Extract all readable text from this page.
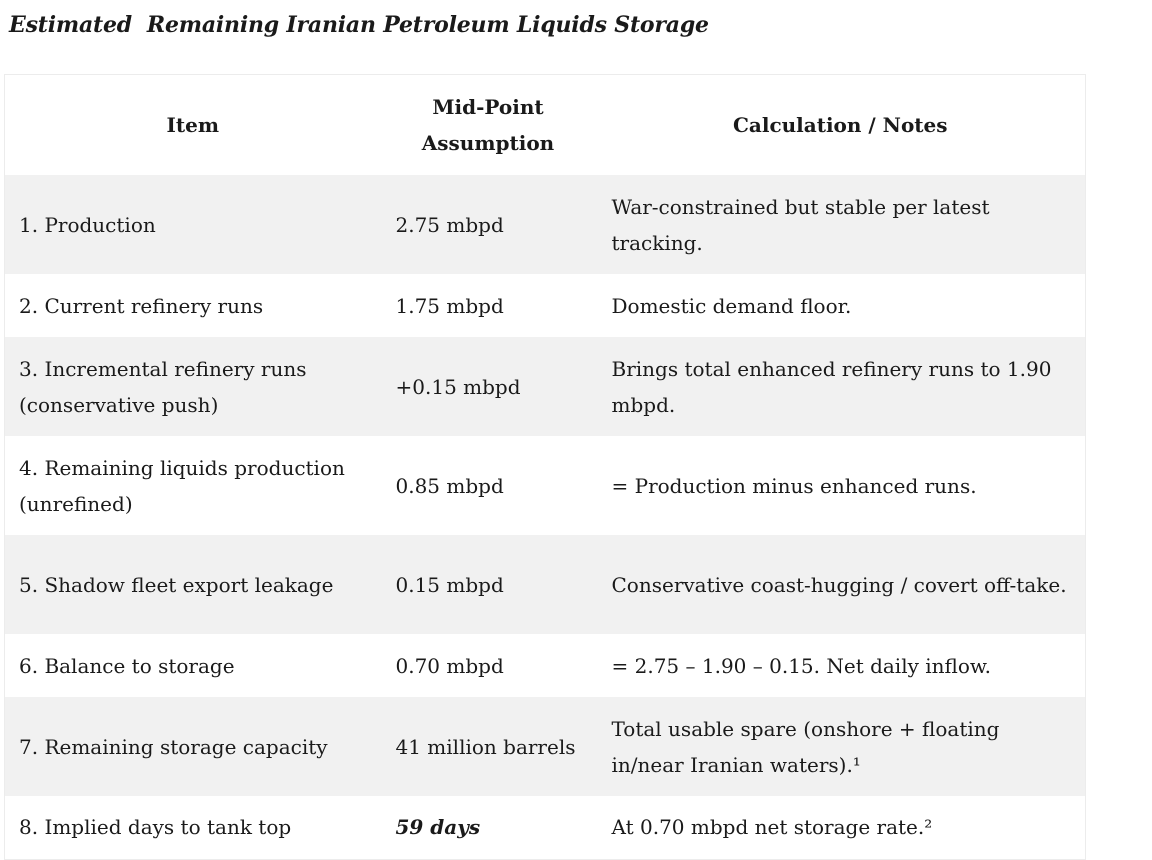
Estimated  Remaining Iranian Petroleum Liquids Storage
Item	Mid-Point Assumption	Calculation / Notes
1. Production	2.75 mbpd	War-constrained but stable per latest tracking.
2. Current refinery runs	1.75 mbpd	Domestic demand floor.
3. Incremental refinery runs (conservative push)	+0.15 mbpd	Brings total enhanced refinery runs to 1.90 mbpd.
4. Remaining liquids production (unrefined)	0.85 mbpd	= Production minus enhanced runs.
5. Shadow fleet export leakage	0.15 mbpd	Conservative coast-hugging / covert off-take.
6. Balance to storage	0.70 mbpd	= 2.75 – 1.90 – 0.15. Net daily inflow.
7. Remaining storage capacity	41 million barrels	Total usable spare (onshore + floating in/near Iranian waters).¹
8. Implied days to tank top	59 days	At 0.70 mbpd net storage rate.²
